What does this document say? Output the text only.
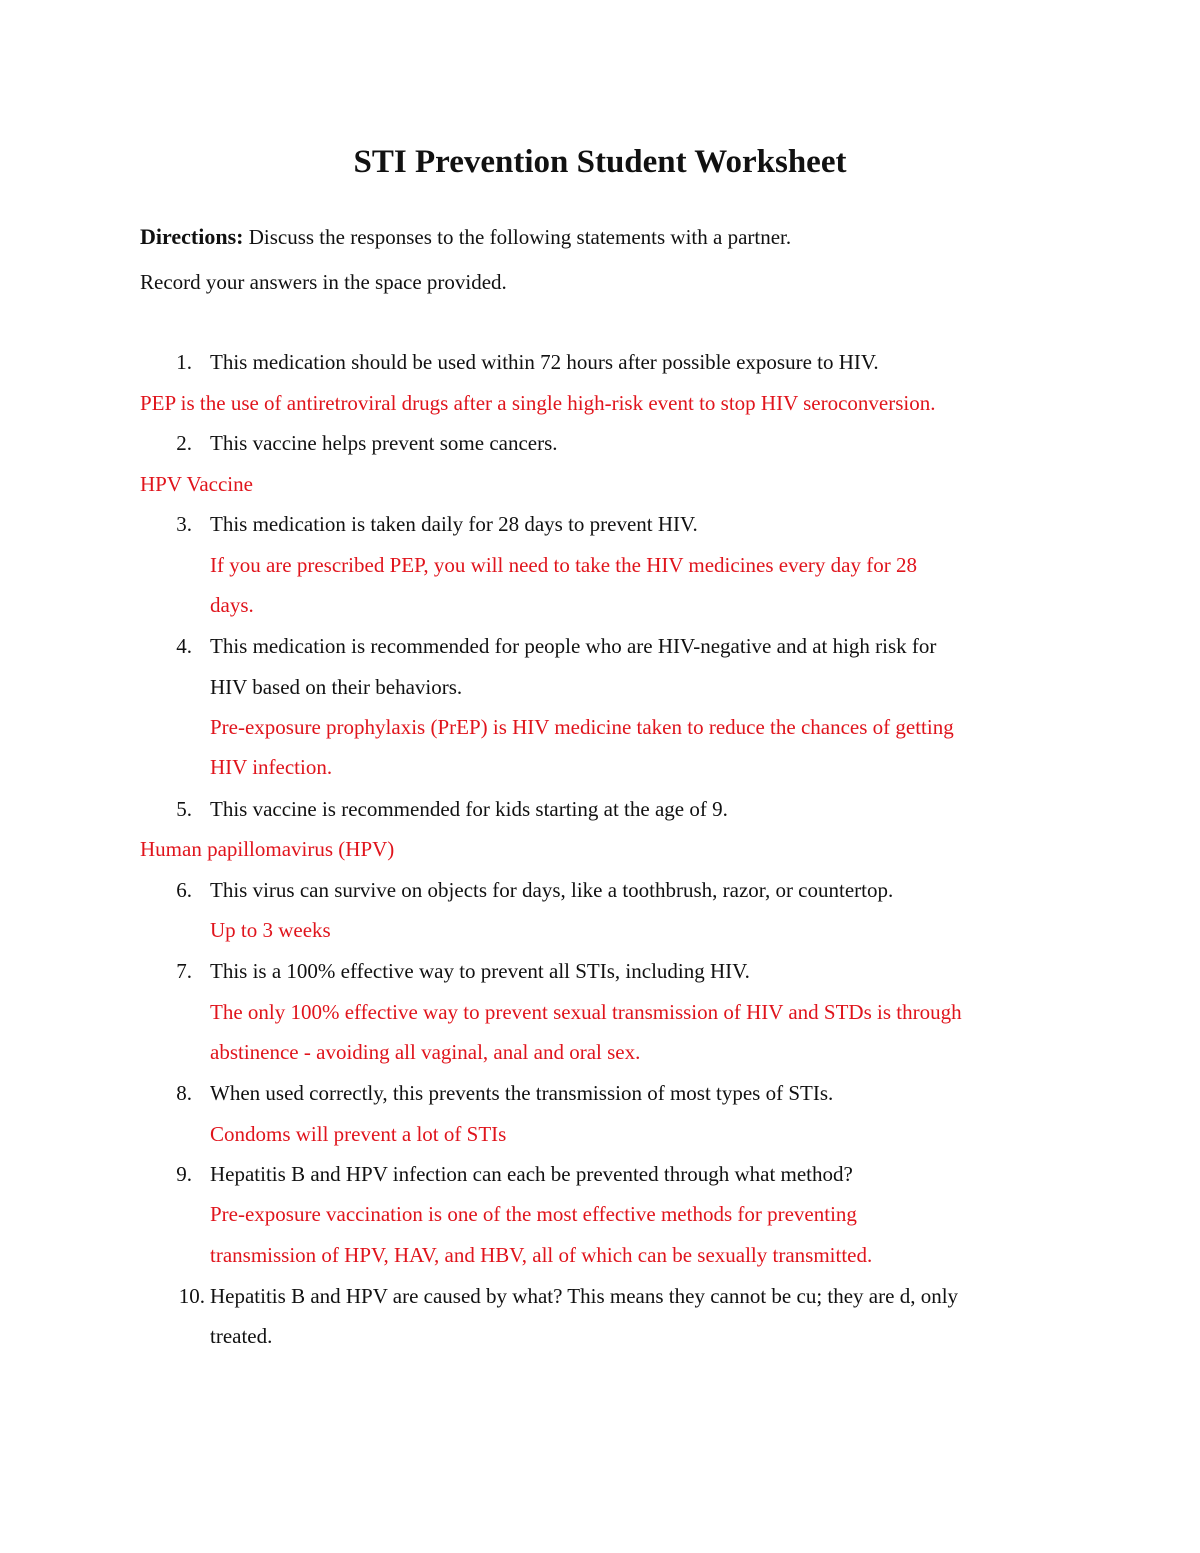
STI Prevention Student Worksheet
Directions: Discuss the responses to the following statements with a partner.
Record your answers in the space provided.
1. This medication should be used within 72 hours after possible exposure to HIV.
PEP is the use of antiretroviral drugs after a single high-risk event to stop HIV seroconversion.
2. This vaccine helps prevent some cancers.
HPV Vaccine
3. This medication is taken daily for 28 days to prevent HIV.
If you are prescribed PEP, you will need to take the HIV medicines every day for 28
days.
4. This medication is recommended for people who are HIV-negative and at high risk for
HIV based on their behaviors.
Pre-exposure prophylaxis (PrEP) is HIV medicine taken to reduce the chances of getting
HIV infection.
5. This vaccine is recommended for kids starting at the age of 9.
Human papillomavirus (HPV)
6. This virus can survive on objects for days, like a toothbrush, razor, or countertop.
Up to 3 weeks
7. This is a 100% effective way to prevent all STIs, including HIV.
The only 100% effective way to prevent sexual transmission of HIV and STDs is through
abstinence - avoiding all vaginal, anal and oral sex.
8. When used correctly, this prevents the transmission of most types of STIs.
Condoms will prevent a lot of STIs
9. Hepatitis B and HPV infection can each be prevented through what method?
Pre-exposure vaccination is one of the most effective methods for preventing
transmission of HPV, HAV, and HBV, all of which can be sexually transmitted.
10. Hepatitis B and HPV are caused by what? This means they cannot be cu; they are d, only
treated.
